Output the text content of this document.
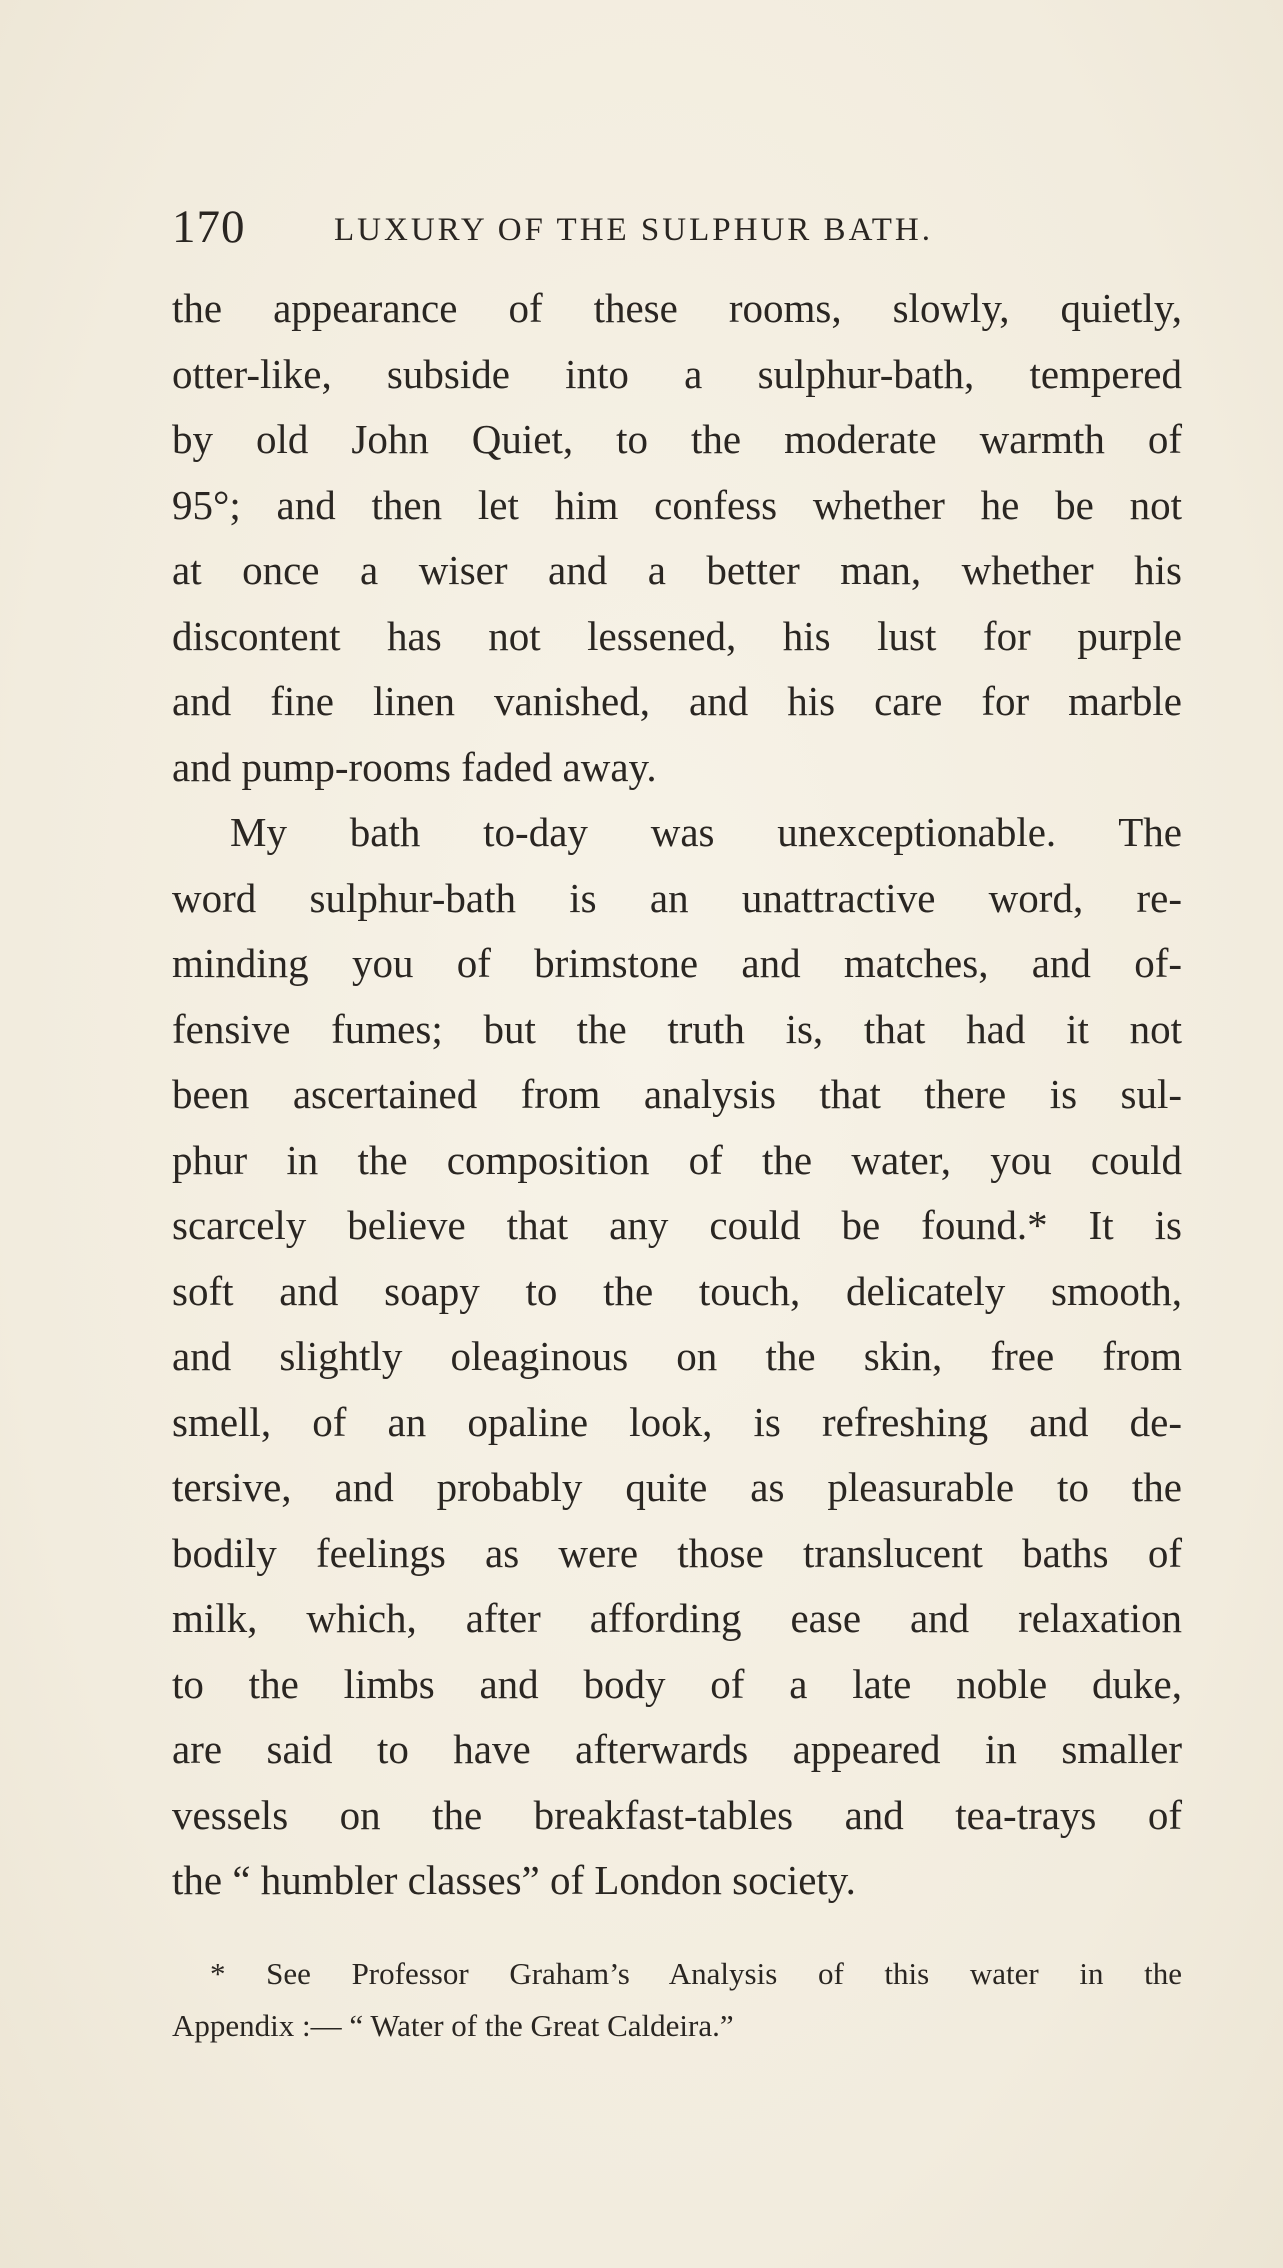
170	LUXURY OF THE SULPHUR BATH.
the appearance of these rooms, slowly, quietly,
otter-like, subside into a sulphur-bath, tempered
by old John Quiet, to the moderate warmth of
95°; and then let him confess whether he be not
at once a wiser and a better man, whether his
discontent has not lessened, his lust for purple
and fine linen vanished, and his care for marble
and pump-rooms faded away.
My bath to-day was unexceptionable. The
word sulphur-bath is an unattractive word, re-
minding you of brimstone and matches, and of-
fensive fumes; but the truth is, that had it not
been ascertained from analysis that there is sul-
phur in the composition of the water, you could
scarcely believe that any could be found.* It is
soft and soapy to the touch, delicately smooth,
and slightly oleaginous on the skin, free from
smell, of an opaline look, is refreshing and de-
tersive, and probably quite as pleasurable to the
bodily feelings as were those translucent baths of
milk, which, after affording ease and relaxation
to the limbs and body of a late noble duke,
are said to have afterwards appeared in smaller
vessels on the breakfast-tables and tea-trays of
the “ humbler classes” of London society.
* See Professor Graham’s Analysis of this water in the
Appendix :— “ Water of the Great Caldeira.”
